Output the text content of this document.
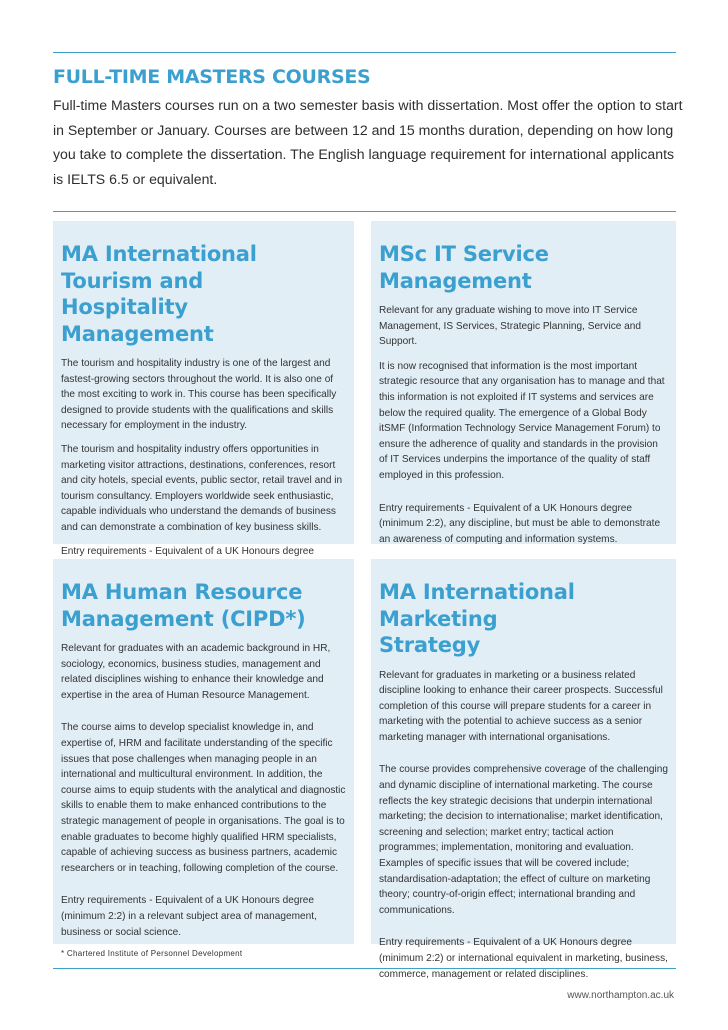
FULL-TIME MASTERS COURSES

Full-time Masters courses run on a two semester basis with dissertation. Most offer the option to start in September or January. Courses are between 12 and 15 months duration, depending on how long you take to complete the dissertation. The English language requirement for international applicants is IELTS 6.5 or equivalent.

MA International Tourism and Hospitality Management

The tourism and hospitality industry is one of the largest and fastest-growing sectors throughout the world. It is also one of the most exciting to work in. This course has been specifically designed to provide students with the qualifications and skills necessary for employment in the industry.

The tourism and hospitality industry offers opportunities in marketing visitor attractions, destinations, conferences, resort and city hotels, special events, public sector, retail travel and in tourism consultancy. Employers worldwide seek enthusiastic, capable individuals who understand the demands of business and can demonstrate a combination of key business skills.

Entry requirements - Equivalent of a UK Honours degree

MSc IT Service Management

Relevant for any graduate wishing to move into IT Service Management, IS Services, Strategic Planning, Service and Support.

It is now recognised that information is the most important strategic resource that any organisation has to manage and that this information is not exploited if IT systems and services are below the required quality. The emergence of a Global Body itSMF (Information Technology Service Management Forum) to ensure the adherence of quality and standards in the provision of IT Services underpins the importance of the quality of staff employed in this profession.

Entry requirements - Equivalent of a UK Honours degree (minimum 2:2), any discipline, but must be able to demonstrate an awareness of computing and information systems.

MA Human Resource Management (CIPD*)

Relevant for graduates with an academic background in HR, sociology, economics, business studies, management and related disciplines wishing to enhance their knowledge and expertise in the area of Human Resource Management.

The course aims to develop specialist knowledge in, and expertise of, HRM and facilitate understanding of the specific issues that pose challenges when managing people in an international and multicultural environment. In addition, the course aims to equip students with the analytical and diagnostic skills to enable them to make enhanced contributions to the strategic management of people in organisations. The goal is to enable graduates to become highly qualified HRM specialists, capable of achieving success as business partners, academic researchers or in teaching, following completion of the course.

Entry requirements - Equivalent of a UK Honours degree (minimum 2:2) in a relevant subject area of management, business or social science.

* Chartered Institute of Personnel Development

MA International Marketing Strategy

Relevant for graduates in marketing or a business related discipline looking to enhance their career prospects. Successful completion of this course will prepare students for a career in marketing with the potential to achieve success as a senior marketing manager with international organisations.

The course provides comprehensive coverage of the challenging and dynamic discipline of international marketing. The course reflects the key strategic decisions that underpin international marketing; the decision to internationalise; market identification, screening and selection; market entry; tactical action programmes; implementation, monitoring and evaluation. Examples of specific issues that will be covered include; standardisation-adaptation; the effect of culture on marketing theory; country-of-origin effect; international branding and communications.

Entry requirements - Equivalent of a UK Honours degree (minimum 2:2) or international equivalent in marketing, business, commerce, management or related disciplines.

www.northampton.ac.uk
